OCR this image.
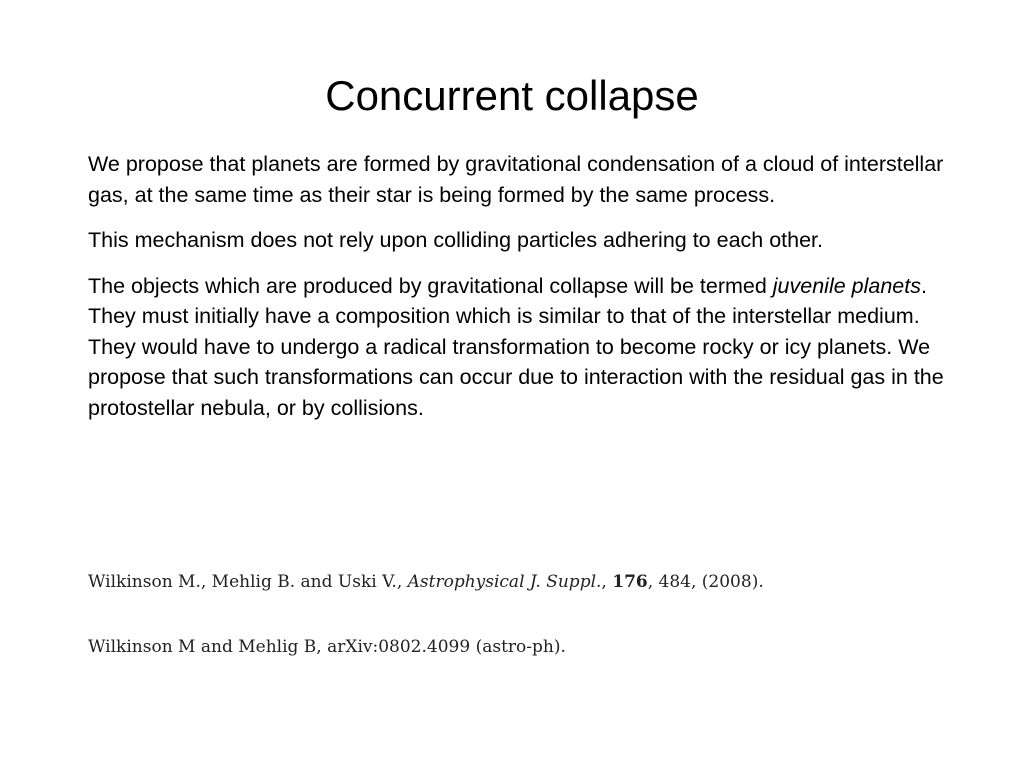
Concurrent collapse

We propose that planets are formed by gravitational condensation of a cloud of interstellar gas, at the same time as their star is being formed by the same process.

This mechanism does not rely upon colliding particles adhering to each other.

The objects which are produced by gravitational collapse will be termed juvenile planets. They must initially have a composition which is similar to that of the interstellar medium. They would have to undergo a radical transformation to become rocky or icy planets. We propose that such transformations can occur due to interaction with the residual gas in the protostellar nebula, or by collisions.

Wilkinson M., Mehlig B. and Uski V., Astrophysical J. Suppl., 176, 484, (2008).
Wilkinson M and Mehlig B, arXiv:0802.4099 (astro-ph).
